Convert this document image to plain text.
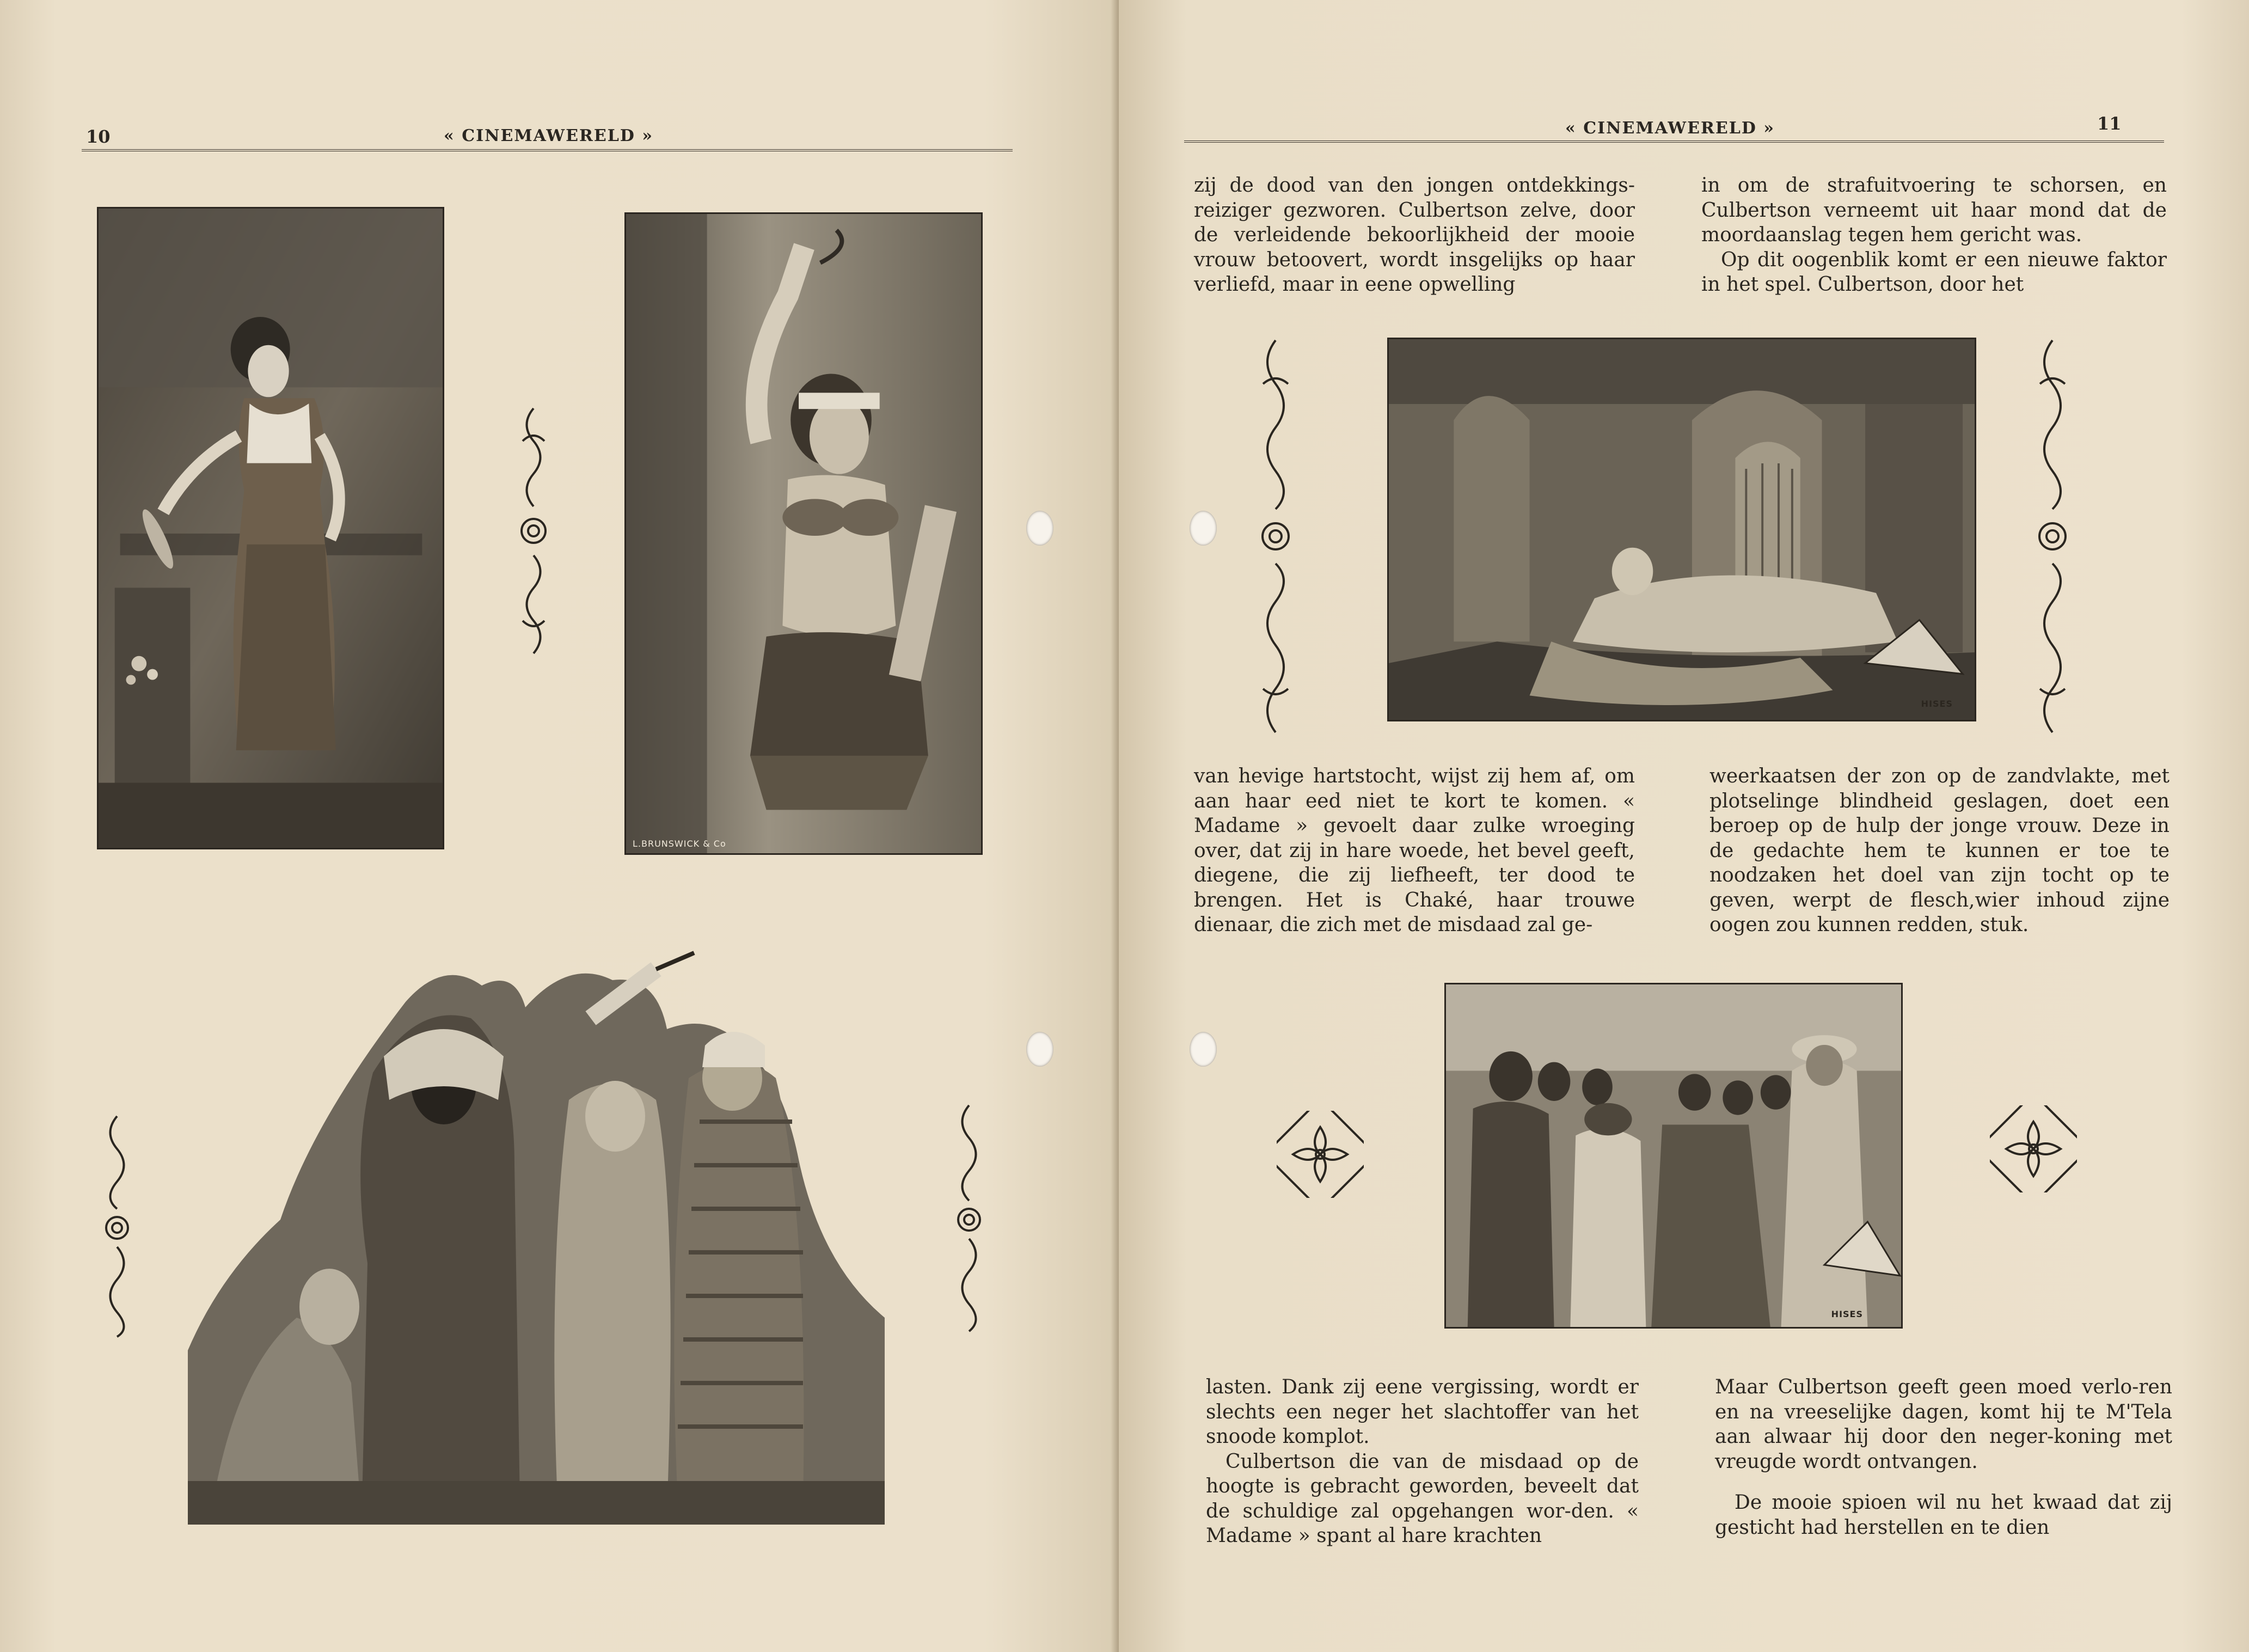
10	« CINEMAWERELD »
L.BRUNSWICK & Co
« CINEMAWERELD »	11

zij de dood van den jongen ontdekkings-reiziger gezworen. Culbertson zelve, door de verleidende bekoorlijkheid der mooie vrouw betoovert, wordt insgelijks op haar verliefd, maar in eene opwelling

in om de strafuitvoering te schorsen, en Culbertson verneemt uit haar mond dat de moordaanslag tegen hem gericht was.

Op dit oogenblik komt er een nieuwe faktor in het spel. Culbertson, door het

HISES

van hevige hartstocht, wijst zij hem af, om aan haar eed niet te kort te komen. « Madame » gevoelt daar zulke wroeging over, dat zij in hare woede, het bevel geeft, diegene, die zij liefheeft, ter dood te brengen. Het is Chaké, haar trouwe dienaar, die zich met de misdaad zal ge-

weerkaatsen der zon op de zandvlakte, met plotselinge blindheid geslagen, doet een beroep op de hulp der jonge vrouw. Deze in de gedachte hem te kunnen er toe te noodzaken het doel van zijn tocht op te geven, werpt de flesch,wier inhoud zijne oogen zou kunnen redden, stuk.

HISES

lasten. Dank zij eene vergissing, wordt er slechts een neger het slachtoffer van het snoode komplot.

Culbertson die van de misdaad op de hoogte is gebracht geworden, beveelt dat de schuldige zal opgehangen wor-den. « Madame » spant al hare krachten

Maar Culbertson geeft geen moed verlo-ren en na vreeselijke dagen, komt hij te M'Tela aan alwaar hij door den neger-koning met vreugde wordt ontvangen.

De mooie spioen wil nu het kwaad dat zij gesticht had herstellen en te dien
